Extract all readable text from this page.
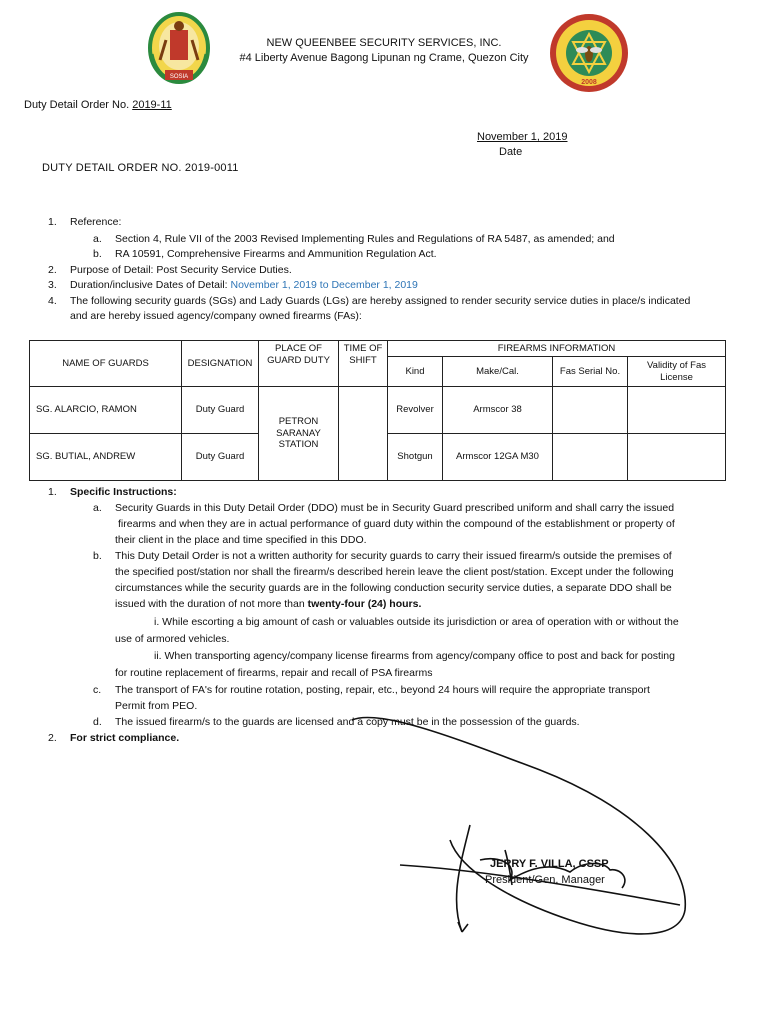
SOSIA
NEW QUEENBEE SECURITY SERVICES, INC.
#4 Liberty Avenue Bagong Lipunan ng Crame, Quezon City
2008
Duty Detail Order No. 2019-11
November 1, 2019
Date
DUTY DETAIL ORDER NO. 2019-0011
1. Reference:
a. Section 4, Rule VII of the 2003 Revised Implementing Rules and Regulations of RA 5487, as amended; and
b. RA 10591, Comprehensive Firearms and Ammunition Regulation Act.
2. Purpose of Detail: Post Security Service Duties.
3. Duration/inclusive Dates of Detail: November 1, 2019 to December 1, 2019
4. The following security guards (SGs) and Lady Guards (LGs) are hereby assigned to render security service duties in place/s indicated
and are hereby issued agency/company owned firearms (FAs):
NAME OF GUARDS	DESIGNATION	PLACE OF GUARD DUTY	TIME OF SHIFT	FIREARMS INFORMATION			
				Kind	Make/Cal.	Fas Serial No.	Validity of Fas License
SG. ALARCIO, RAMON	Duty Guard	PETRON SARANAY STATION		Revolver	Armscor 38		
SG. BUTIAL, ANDREW	Duty Guard			Shotgun	Armscor 12GA M30		
1. Specific Instructions:
a. Security Guards in this Duty Detail Order (DDO) must be in Security Guard prescribed uniform and shall carry the issued
firearms and when they are in actual performance of guard duty within the compound of the establishment or property of
their client in the place and time specified in this DDO.
b. This Duty Detail Order is not a written authority for security guards to carry their issued firearm/s outside the premises of
the specified post/station nor shall the firearm/s described herein leave the client post/station. Except under the following
circumstances while the security guards are in the following conduction security service duties, a separate DDO shall be
issued with the duration of not more than twenty-four (24) hours.
i. While escorting a big amount of cash or valuables outside its jurisdiction or area of operation with or without the
use of armored vehicles.
ii. When transporting agency/company license firearms from agency/company office to post and back for posting
for routine replacement of firearms, repair and recall of PSA firearms
c. The transport of FA's for routine rotation, posting, repair, etc., beyond 24 hours will require the appropriate transport
Permit from PEO.
d. The issued firearm/s to the guards are licensed and a copy must be in the possession of the guards.
2. For strict compliance.
JERRY F. VILLA, CSSP
President/Gen. Manager
